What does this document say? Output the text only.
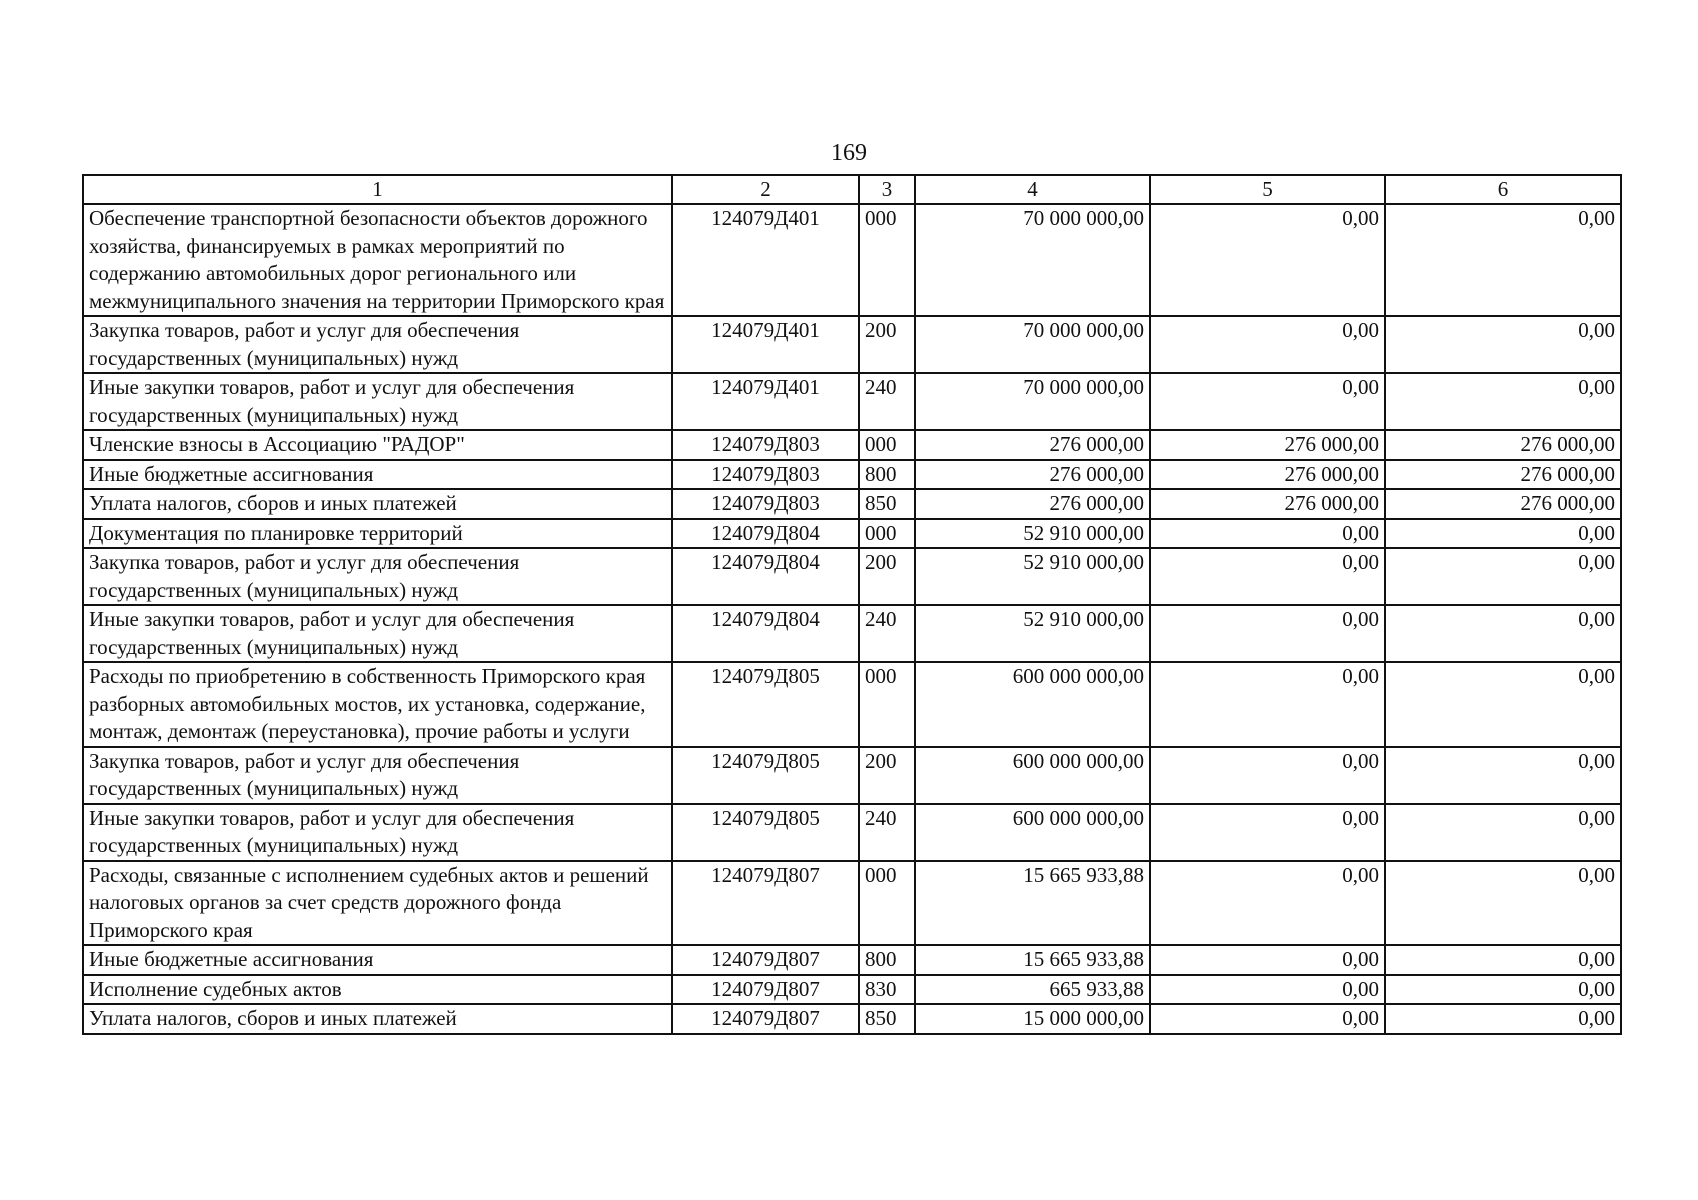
169
1	2	3	4	5	6
Обеспечение транспортной безопасности объектов дорожного хозяйства, финансируемых в рамках мероприятий по содержанию автомобильных дорог регионального или межмуниципального значения на территории Приморского края	124079Д401	000	70 000 000,00	0,00	0,00
Закупка товаров, работ и услуг для обеспечения государственных (муниципальных) нужд	124079Д401	200	70 000 000,00	0,00	0,00
Иные закупки товаров, работ и услуг для обеспечения государственных (муниципальных) нужд	124079Д401	240	70 000 000,00	0,00	0,00
Членские взносы в Ассоциацию "РАДОР"	124079Д803	000	276 000,00	276 000,00	276 000,00
Иные бюджетные ассигнования	124079Д803	800	276 000,00	276 000,00	276 000,00
Уплата налогов, сборов и иных платежей	124079Д803	850	276 000,00	276 000,00	276 000,00
Документация по планировке территорий	124079Д804	000	52 910 000,00	0,00	0,00
Закупка товаров, работ и услуг для обеспечения государственных (муниципальных) нужд	124079Д804	200	52 910 000,00	0,00	0,00
Иные закупки товаров, работ и услуг для обеспечения государственных (муниципальных) нужд	124079Д804	240	52 910 000,00	0,00	0,00
Расходы по приобретению в собственность Приморского края разборных автомобильных мостов, их установка, содержание, монтаж, демонтаж (переустановка), прочие работы и услуги	124079Д805	000	600 000 000,00	0,00	0,00
Закупка товаров, работ и услуг для обеспечения государственных (муниципальных) нужд	124079Д805	200	600 000 000,00	0,00	0,00
Иные закупки товаров, работ и услуг для обеспечения государственных (муниципальных) нужд	124079Д805	240	600 000 000,00	0,00	0,00
Расходы, связанные с исполнением судебных актов и решений налоговых органов за счет средств дорожного фонда Приморского края	124079Д807	000	15 665 933,88	0,00	0,00
Иные бюджетные ассигнования	124079Д807	800	15 665 933,88	0,00	0,00
Исполнение судебных актов	124079Д807	830	665 933,88	0,00	0,00
Уплата налогов, сборов и иных платежей	124079Д807	850	15 000 000,00	0,00	0,00
